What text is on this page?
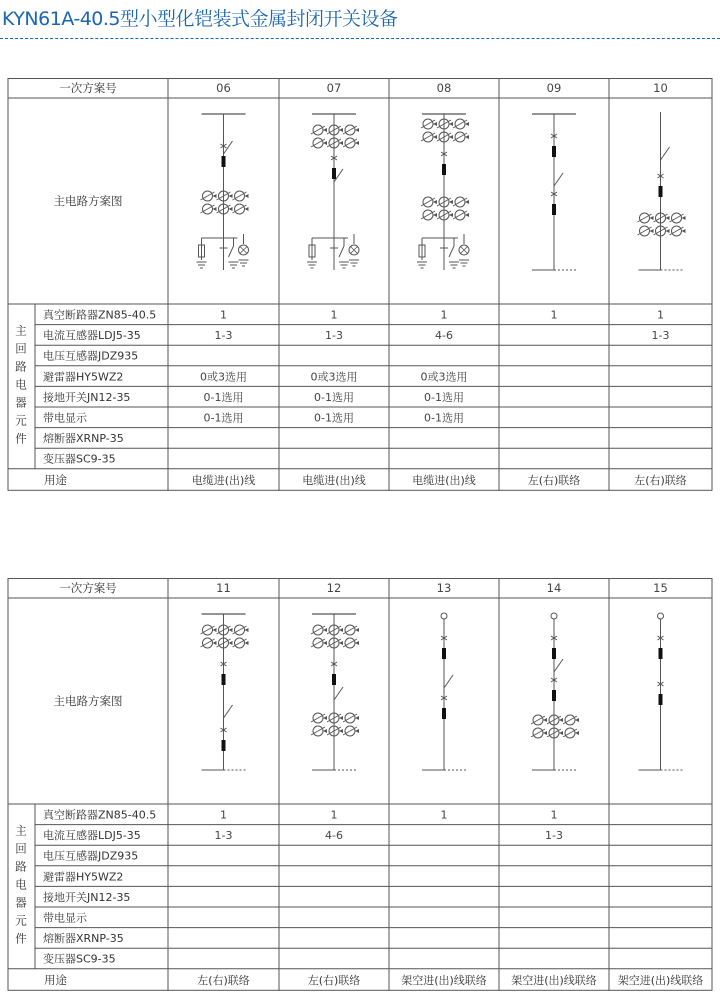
KYN61A-40.5型小型化铠装式金属封闭开关设备
一次方案号
主电路方案图
主
回
路
电
器
元
件
真空断路器ZN85-40.5
电流互感器LDJ5-35
电压互感器JDZ935
避雷器HY5WZ2
接地开关JN12-35
带电显示
熔断器XRNP-35
变压器SC9-35
用途
06
1
1-3
0或3选用
0-1选用
0-1选用
电缆进(出)线
07
1
1-3
0或3选用
0-1选用
0-1选用
电缆进(出)线
08
1
4-6
0或3选用
0-1选用
0-1选用
电缆进(出)线
09
1
左(右)联络
10
1
1-3
左(右)联络
一次方案号
主电路方案图
主
回
路
电
器
元
件
真空断路器ZN85-40.5
电流互感器LDJ5-35
电压互感器JDZ935
避雷器HY5WZ2
接地开关JN12-35
带电显示
熔断器XRNP-35
变压器SC9-35
用途
11
1
1-3
左(右)联络
12
1
4-6
左(右)联络
13
1
架空进(出)线联络
14
1
1-3
架空进(出)线联络
15
架空进(出)线联络
